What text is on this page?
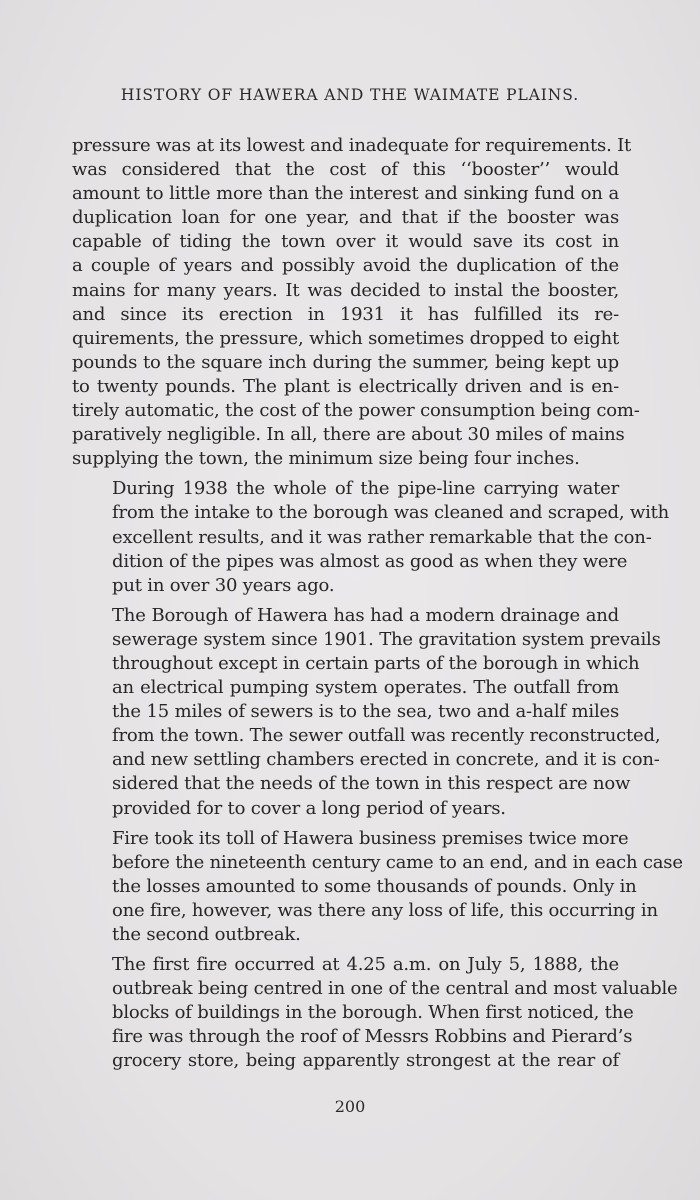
HISTORY OF HAWERA AND THE WAIMATE PLAINS.

pressure was at its lowest and inadequate for requirements. It
was considered that the cost of this ‘‘booster’’ would
amount to little more than the interest and sinking fund on a
duplication loan for one year, and that if the booster was
capable of tiding the town over it would save its cost in
a couple of years and possibly avoid the duplication of the
mains for many years. It was decided to instal the booster,
and since its erection in 1931 it has fulfilled its re-
quirements, the pressure, which sometimes dropped to eight
pounds to the square inch during the summer, being kept up
to twenty pounds. The plant is electrically driven and is en-
tirely automatic, the cost of the power consumption being com-
paratively negligible. In all, there are about 30 miles of mains
supplying the town, the minimum size being four inches.

During 1938 the whole of the pipe-line carrying water
from the intake to the borough was cleaned and scraped, with
excellent results, and it was rather remarkable that the con-
dition of the pipes was almost as good as when they were
put in over 30 years ago.

The Borough of Hawera has had a modern drainage and
sewerage system since 1901. The gravitation system prevails
throughout except in certain parts of the borough in which
an electrical pumping system operates. The outfall from
the 15 miles of sewers is to the sea, two and a-half miles
from the town. The sewer outfall was recently reconstructed,
and new settling chambers erected in concrete, and it is con-
sidered that the needs of the town in this respect are now
provided for to cover a long period of years.

Fire took its toll of Hawera business premises twice more
before the nineteenth century came to an end, and in each case
the losses amounted to some thousands of pounds. Only in
one fire, however, was there any loss of life, this occurring in
the second outbreak.

The first fire occurred at 4.25 a.m. on July 5, 1888, the
outbreak being centred in one of the central and most valuable
blocks of buildings in the borough. When first noticed, the
fire was through the roof of Messrs Robbins and Pierard’s
grocery store, being apparently strongest at the rear of

200
